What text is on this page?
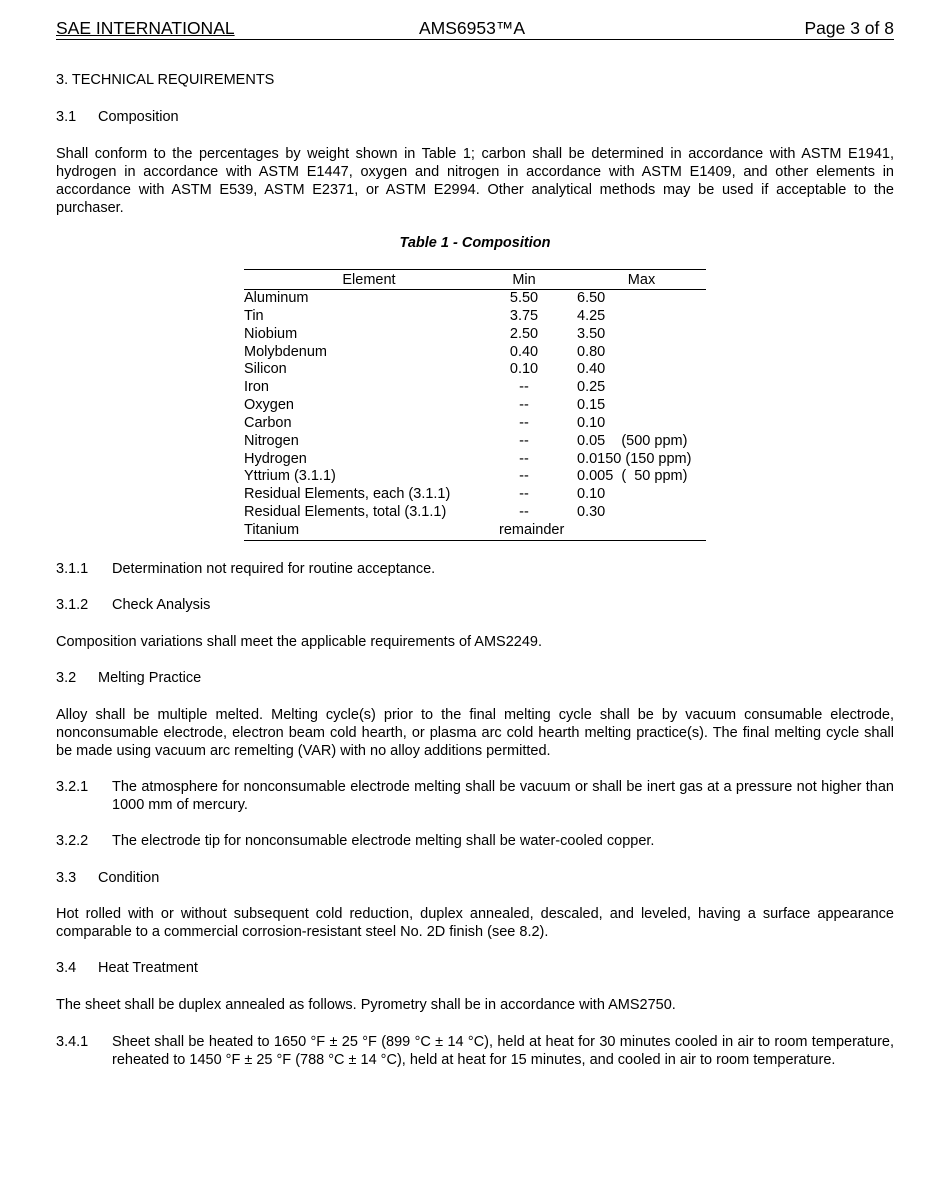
SAE INTERNATIONAL	AMS6953™A	Page 3 of 8
3. TECHNICAL REQUIREMENTS
3.1 Composition
Shall conform to the percentages by weight shown in Table 1; carbon shall be determined in accordance with ASTM E1941, hydrogen in accordance with ASTM E1447, oxygen and nitrogen in accordance with ASTM E1409, and other elements in accordance with ASTM E539, ASTM E2371, or ASTM E2994. Other analytical methods may be used if acceptable to the purchaser.
Table 1 - Composition
Element	Min	Max
Aluminum	5.50	6.50
Tin	3.75	4.25
Niobium	2.50	3.50
Molybdenum	0.40	0.80
Silicon	0.10	0.40
Iron	--	0.25
Oxygen	--	0.15
Carbon	--	0.10
Nitrogen	--	0.05    (500 ppm)
Hydrogen	--	0.0150 (150 ppm)
Yttrium (3.1.1)	--	0.005  (  50 ppm)
Residual Elements, each (3.1.1)	--	0.10
Residual Elements, total (3.1.1)	--	0.30
Titanium	remainder
3.1.1 Determination not required for routine acceptance.
3.1.2 Check Analysis
Composition variations shall meet the applicable requirements of AMS2249.
3.2 Melting Practice
Alloy shall be multiple melted. Melting cycle(s) prior to the final melting cycle shall be by vacuum consumable electrode, nonconsumable electrode, electron beam cold hearth, or plasma arc cold hearth melting practice(s). The final melting cycle shall be made using vacuum arc remelting (VAR) with no alloy additions permitted.
3.2.1 The atmosphere for nonconsumable electrode melting shall be vacuum or shall be inert gas at a pressure not higher than 1000 mm of mercury.
3.2.2 The electrode tip for nonconsumable electrode melting shall be water-cooled copper.
3.3 Condition
Hot rolled with or without subsequent cold reduction, duplex annealed, descaled, and leveled, having a surface appearance comparable to a commercial corrosion-resistant steel No. 2D finish (see 8.2).
3.4 Heat Treatment
The sheet shall be duplex annealed as follows. Pyrometry shall be in accordance with AMS2750.
3.4.1 Sheet shall be heated to 1650 °F ± 25 °F (899 °C ± 14 °C), held at heat for 30 minutes cooled in air to room temperature, reheated to 1450 °F ± 25 °F (788 °C ± 14 °C), held at heat for 15 minutes, and cooled in air to room temperature.
